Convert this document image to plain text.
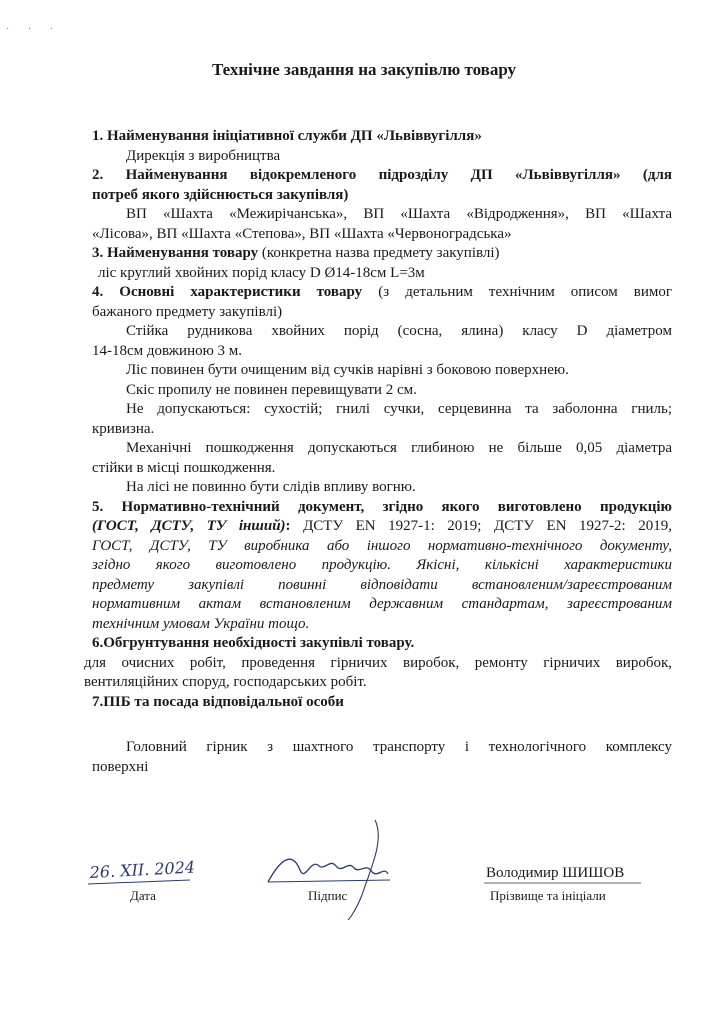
· · ·
Технічне завдання на закупівлю товару

1. Найменування ініціативної служби ДП «Львіввугілля»

Дирекція з виробництва

2. Найменування відокремленого підрозділу ДП «Львіввугілля» (для

потреб якого здійснюється закупівля)

ВП «Шахта «Межирічанська», ВП «Шахта «Відродження», ВП «Шахта

«Лісова», ВП «Шахта «Степова», ВП «Шахта «Червоноградська»

3. Найменування товару (конкретна назва предмету закупівлі)

ліс круглий хвойних порід класу D Ø14-18см L=3м

4. Основні характеристики товару (з детальним технічним описом вимог

бажаного предмету закупівлі)

Стійка рудникова хвойних порід (сосна, ялина) класу D діаметром

14-18см довжиною 3 м.

Ліс повинен бути очищеним від сучків нарівні з боковою поверхнею.

Скіс пропилу не повинен перевищувати 2 см.

Не допускаються: сухостій; гнилі сучки, серцевинна та заболонна гниль;

кривизна.

Механічні пошкодження допускаються глибиною не більше 0,05 діаметра

стійки в місці пошкодження.

На лісі не повинно бути слідів впливу вогню.

5. Нормативно-технічний документ, згідно якого виготовлено продукцію

(ГОСТ, ДСТУ, ТУ інший): ДСТУ EN 1927-1: 2019; ДСТУ EN 1927-2: 2019,

ГОСТ, ДСТУ, ТУ виробника або іншого нормативно-технічного документу,

згідно якого виготовлено продукцію. Якісні, кількісні характеристики

предмету закупівлі повинні відповідати встановленим/зареєстрованим

нормативним актам встановленим державним стандартам, зареєстрованим

технічним умовам України тощо.

6.Обгрунтування необхідності закупівлі товару.

для очисних робіт, проведення гірничих виробок, ремонту гірничих виробок,

вентиляційних споруд, господарських робіт.

7.ПІБ та посада відповідальної особи

Головний гірник з шахтного транспорту і технологічного комплексу

поверхні

26. XII. 2024
Дата	Підпис
Володимир ШИШОВ
Прізвище та ініціали
